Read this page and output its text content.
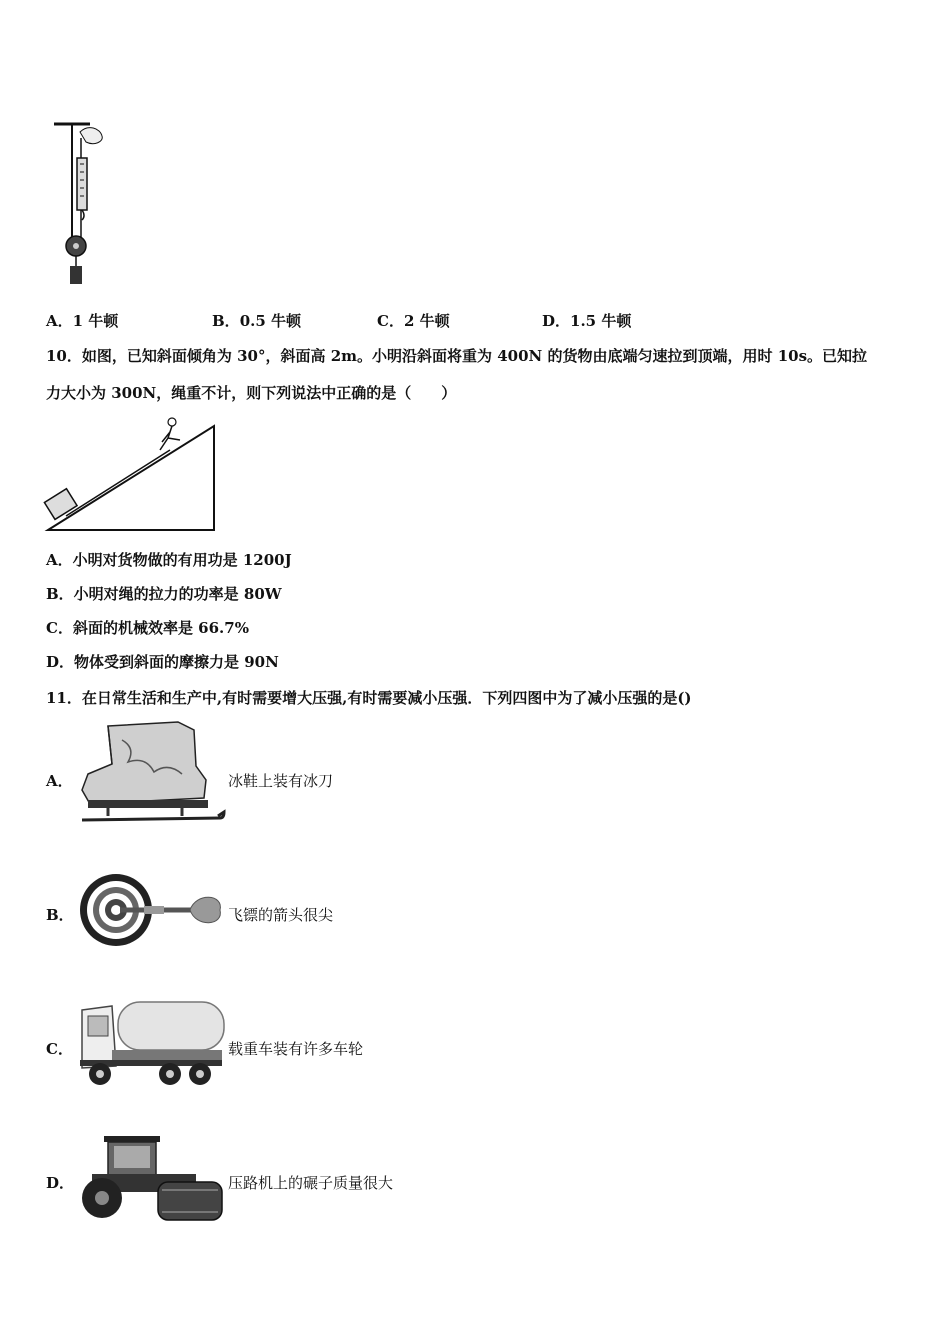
A．1 牛顿	B．0.5 牛顿	C．2 牛顿	D．1.5 牛顿
10．如图，已知斜面倾角为 30°，斜面高 2m。小明沿斜面将重为 400N 的货物由底端匀速拉到顶端，用时 10s。已知拉
力大小为 300N，绳重不计，则下列说法中正确的是（　　）
A．小明对货物做的有用功是 1200J
B．小明对绳的拉力的功率是 80W
C．斜面的机械效率是 66.7%
D．物体受到斜面的摩擦力是 90N
11．在日常生活和生产中,有时需要增大压强,有时需要减小压强．下列四图中为了减小压强的是()
A．	冰鞋上装有冰刀
B．	飞镖的箭头很尖
C．	载重车装有许多车轮
D．	压路机上的碾子质量很大
